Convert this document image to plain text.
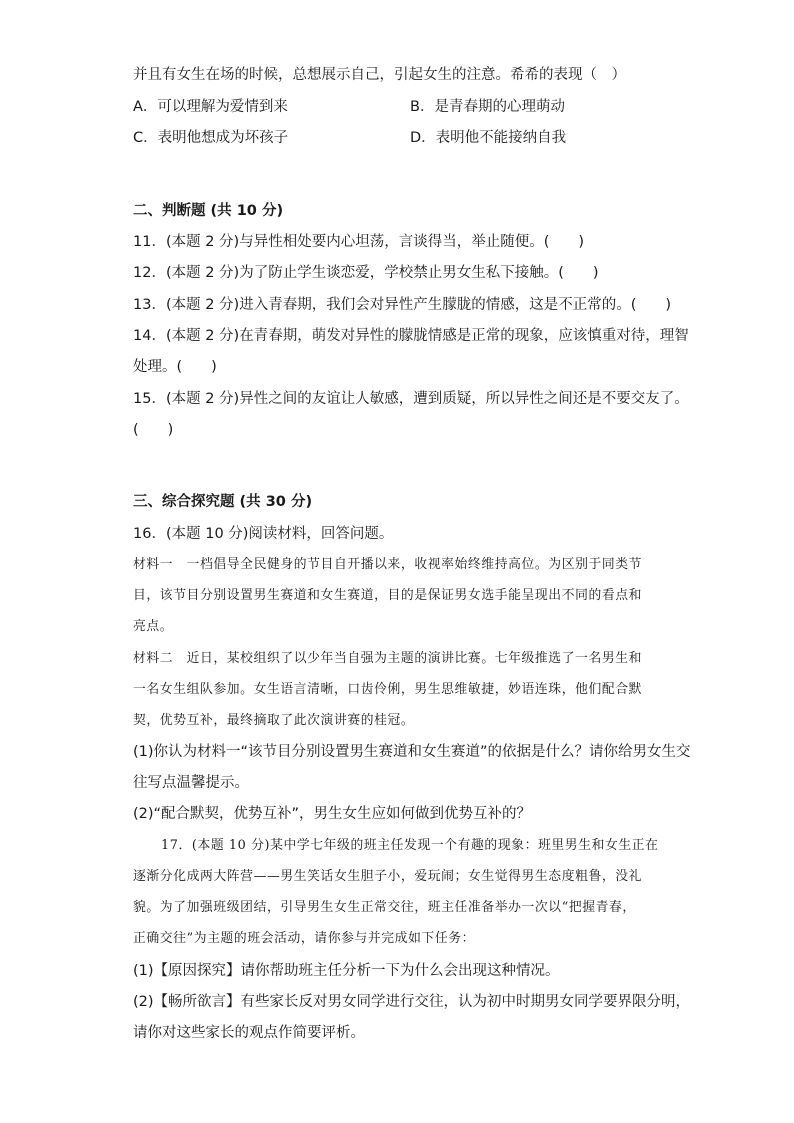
并且有女生在场的时候，总想展示自己，引起女生的注意。希希的表现（　）
A．可以理解为爱情到来	B．是青春期的心理萌动
C．表明他想成为坏孩子	D．表明他不能接纳自我
二、判断题 (共 10 分)
11．(本题 2 分)与异性相处要内心坦荡，言谈得当，举止随便。(　　)
12．(本题 2 分)为了防止学生谈恋爱，学校禁止男女生私下接触。(　　)
13．(本题 2 分)进入青春期，我们会对异性产生朦胧的情感，这是不正常的。(　　)
14．(本题 2 分)在青春期，萌发对异性的朦胧情感是正常的现象，应该慎重对待，理智
处理。(　　)
15．(本题 2 分)异性之间的友谊让人敏感，遭到质疑，所以异性之间还是不要交友了。
(　　)
三、综合探究题 (共 30 分)
16．(本题 10 分)阅读材料，回答问题。
材料一　一档倡导全民健身的节目自开播以来，收视率始终维持高位。为区别于同类节
目，该节目分别设置男生赛道和女生赛道，目的是保证男女选手能呈现出不同的看点和
亮点。
材料二　近日，某校组织了以少年当自强为主题的演讲比赛。七年级推选了一名男生和
一名女生组队参加。女生语言清晰，口齿伶俐，男生思维敏捷，妙语连珠，他们配合默
契，优势互补，最终摘取了此次演讲赛的桂冠。
(1)你认为材料一“该节目分别设置男生赛道和女生赛道”的依据是什么？请你给男女生交
往写点温馨提示。
(2)“配合默契，优势互补”，男生女生应如何做到优势互补的？
17．(本题 10 分)某中学七年级的班主任发现一个有趣的现象：班里男生和女生正在
逐渐分化成两大阵营——男生笑话女生胆子小，爱玩闹；女生觉得男生态度粗鲁，没礼
貌。为了加强班级团结，引导男生女生正常交往，班主任准备举办一次以“把握青春，
正确交往”为主题的班会活动，请你参与并完成如下任务：
(1)【原因探究】请你帮助班主任分析一下为什么会出现这种情况。
(2)【畅所欲言】有些家长反对男女同学进行交往，认为初中时期男女同学要界限分明，
请你对这些家长的观点作简要评析。
